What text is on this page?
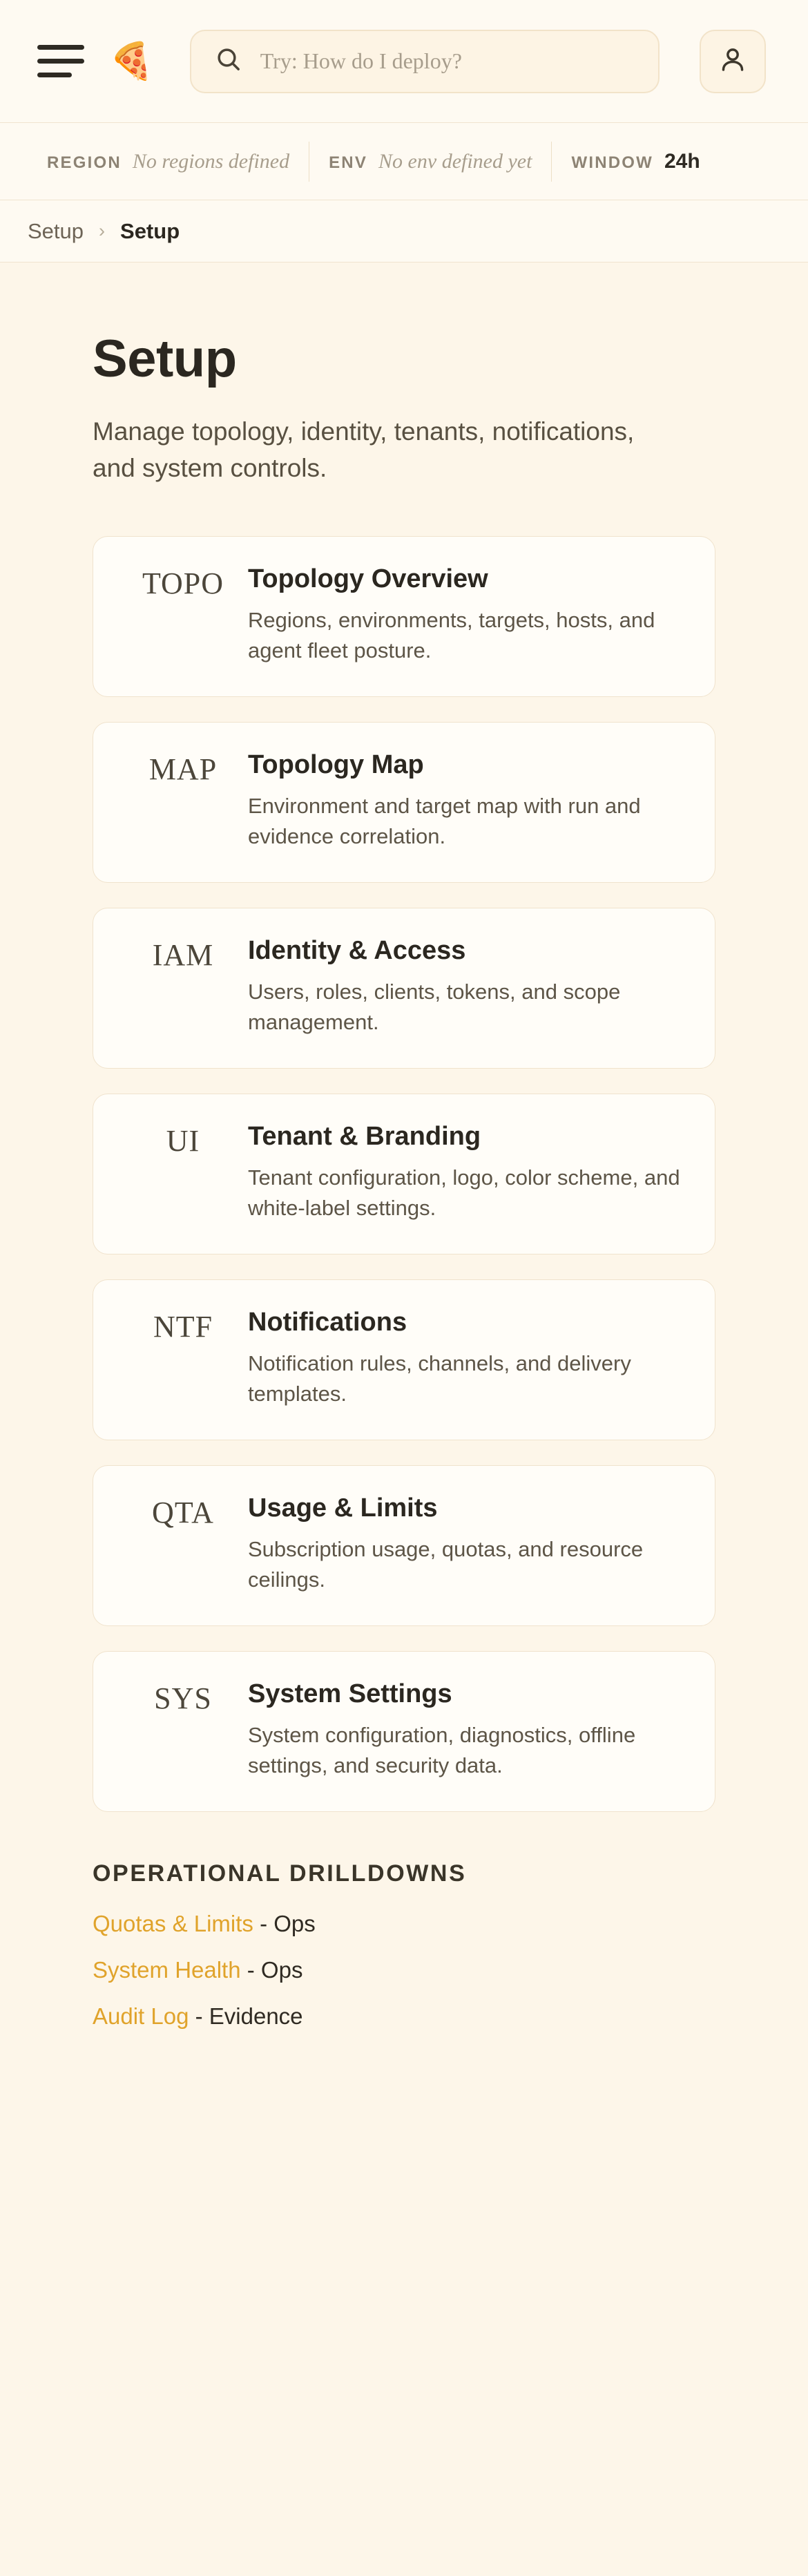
🍕	Try: How do I deploy?
REGION No regions defined ENV No env defined yet WINDOW 24h
Setup › Setup
Setup

Manage topology, identity, tenants, notifications, and system controls.

TOPO Topology Overview
Regions, environments, targets, hosts, and agent fleet posture.
MAP	Topology Map
Environment and target map with run and evidence correlation.
IAM	Identity & Access
Users, roles, clients, tokens, and scope management.
UI	Tenant & Branding
Tenant configuration, logo, color scheme, and white-label settings.
NTF	Notifications
Notification rules, channels, and delivery templates.
QTA	Usage & Limits
Subscription usage, quotas, and resource ceilings.
SYS	System Settings
System configuration, diagnostics, offline settings, and security data.
OPERATIONAL DRILLDOWNS
Quotas & Limits - Ops
System Health - Ops
Audit Log - Evidence
